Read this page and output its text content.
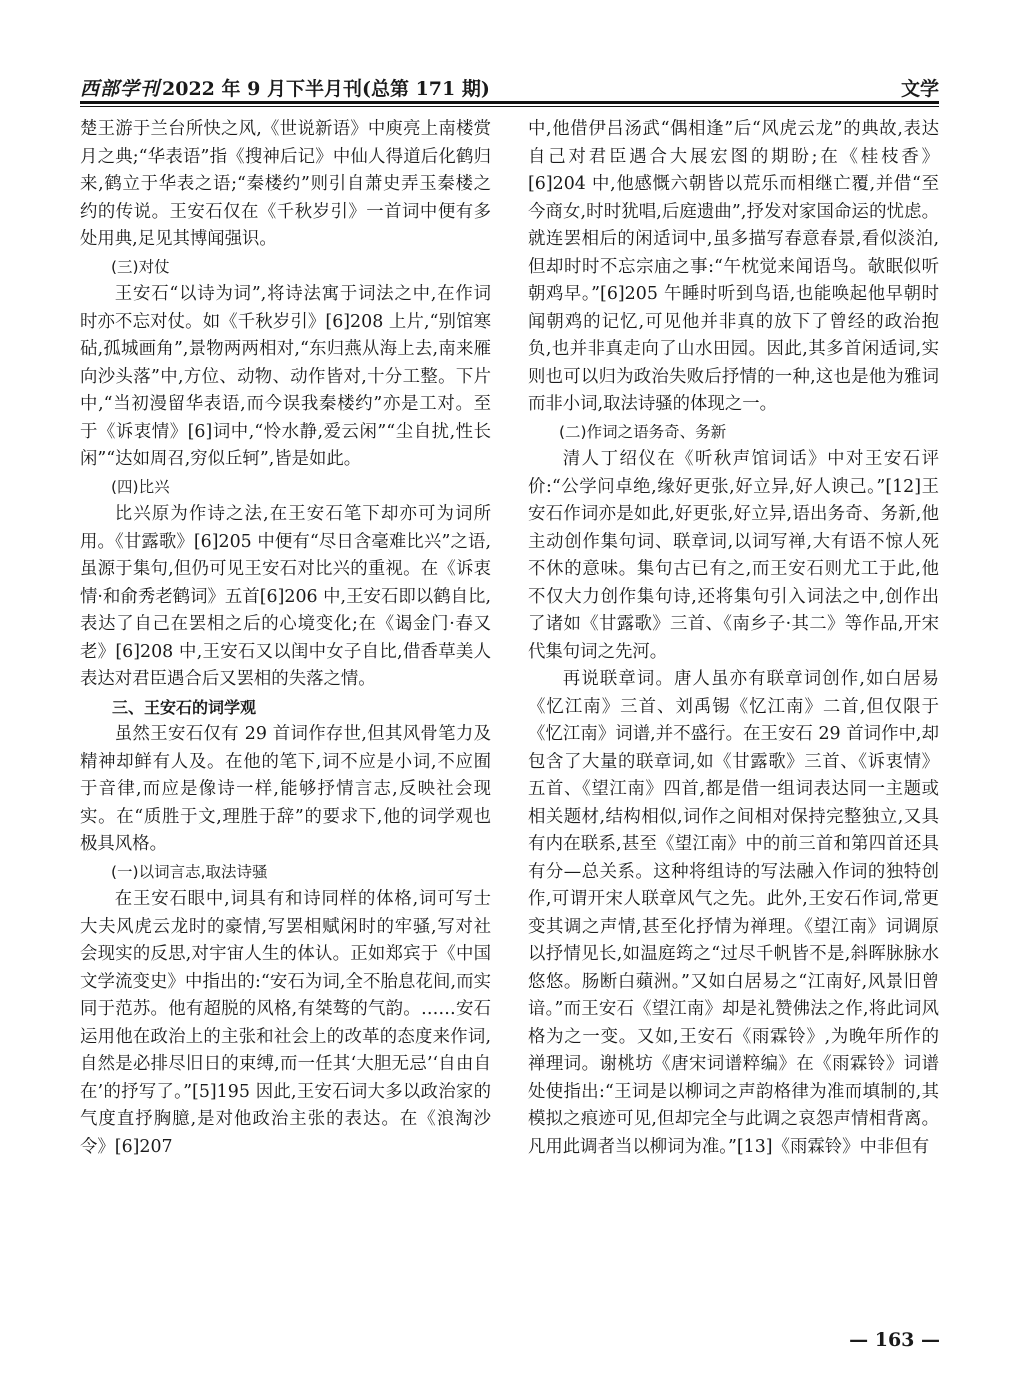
西部学刊 2022 年 9 月下半月刊(总第 171 期)	文学

楚王游于兰台所快之风,《世说新语》中庾亮上南楼赏月之典;“华表语”指《搜神后记》中仙人得道后化鹤归来,鹤立于华表之语;“秦楼约”则引自萧史弄玉秦楼之约的传说。王安石仅在《千秋岁引》一首词中便有多处用典,足见其博闻强识。

(三)对仗

王安石“以诗为词”,将诗法寓于词法之中,在作词时亦不忘对仗。如《千秋岁引》[6]208 上片,“别馆寒砧,孤城画角”,景物两两相对,“东归燕从海上去,南来雁向沙头落”中,方位、动物、动作皆对,十分工整。下片中,“当初漫留华表语,而今误我秦楼约”亦是工对。至于《诉衷情》[6]词中,“怜水静,爱云闲”“尘自扰,性长闲”“达如周召,穷似丘轲”,皆是如此。

(四)比兴

比兴原为作诗之法,在王安石笔下却亦可为词所用。《甘露歌》[6]205 中便有“尽日含毫难比兴”之语,虽源于集句,但仍可见王安石对比兴的重视。在《诉衷情·和俞秀老鹤词》五首[6]206 中,王安石即以鹤自比,表达了自己在罢相之后的心境变化;在《谒金门·春又老》[6]208 中,王安石又以闺中女子自比,借香草美人表达对君臣遇合后又罢相的失落之情。

三、王安石的词学观

虽然王安石仅有 29 首词作存世,但其风骨笔力及精神却鲜有人及。在他的笔下,词不应是小词,不应囿于音律,而应是像诗一样,能够抒情言志,反映社会现实。在“质胜于文,理胜于辞”的要求下,他的词学观也极具风格。

(一)以词言志,取法诗骚

在王安石眼中,词具有和诗同样的体格,词可写士大夫风虎云龙时的豪情,写罢相赋闲时的牢骚,写对社会现实的反思,对宇宙人生的体认。正如郑宾于《中国文学流变史》中指出的:“安石为词,全不胎息花间,而实同于范苏。他有超脱的风格,有桀骜的气韵。……安石运用他在政治上的主张和社会上的改革的态度来作词,自然是必排尽旧日的束缚,而一任其‘大胆无忌’‘自由自在’的抒写了。”[5]195 因此,王安石词大多以政治家的气度直抒胸臆,是对他政治主张的表达。在《浪淘沙令》[6]207

中,他借伊吕汤武“偶相逢”后“风虎云龙”的典故,表达自己对君臣遇合大展宏图的期盼;在《桂枝香》[6]204 中,他感慨六朝皆以荒乐而相继亡覆,并借“至今商女,时时犹唱,后庭遗曲”,抒发对家国命运的忧虑。就连罢相后的闲适词中,虽多描写春意春景,看似淡泊,但却时时不忘宗庙之事:“午枕觉来闻语鸟。欹眠似听朝鸡早。”[6]205 午睡时听到鸟语,也能唤起他早朝时闻朝鸡的记忆,可见他并非真的放下了曾经的政治抱负,也并非真走向了山水田园。因此,其多首闲适词,实则也可以归为政治失败后抒情的一种,这也是他为雅词而非小词,取法诗骚的体现之一。

(二)作词之语务奇、务新

清人丁绍仪在《听秋声馆词话》中对王安石评价:“公学问卓绝,缘好更张,好立异,好人谀己。”[12]王安石作词亦是如此,好更张,好立异,语出务奇、务新,他主动创作集句词、联章词,以词写禅,大有语不惊人死不休的意味。集句古已有之,而王安石则尤工于此,他不仅大力创作集句诗,还将集句引入词法之中,创作出了诸如《甘露歌》三首、《南乡子·其二》等作品,开宋代集句词之先河。

再说联章词。唐人虽亦有联章词创作,如白居易《忆江南》三首、刘禹锡《忆江南》二首,但仅限于《忆江南》词谱,并不盛行。在王安石 29 首词作中,却包含了大量的联章词,如《甘露歌》三首、《诉衷情》五首、《望江南》四首,都是借一组词表达同一主题或相关题材,结构相似,词作之间相对保持完整独立,又具有内在联系,甚至《望江南》中的前三首和第四首还具有分—总关系。这种将组诗的写法融入作词的独特创作,可谓开宋人联章风气之先。此外,王安石作词,常更变其调之声情,甚至化抒情为禅理。《望江南》词调原以抒情见长,如温庭筠之“过尽千帆皆不是,斜晖脉脉水悠悠。肠断白蘋洲。”又如白居易之“江南好,风景旧曾谙。”而王安石《望江南》却是礼赞佛法之作,将此词风格为之一变。又如,王安石《雨霖铃》,为晚年所作的禅理词。谢桃坊《唐宋词谱粹编》在《雨霖铃》词谱处使指出:“王词是以柳词之声韵格律为准而填制的,其模拟之痕迹可见,但却完全与此调之哀怨声情相背离。凡用此调者当以柳词为准。”[13]《雨霖铃》中非但有

— 163 —
